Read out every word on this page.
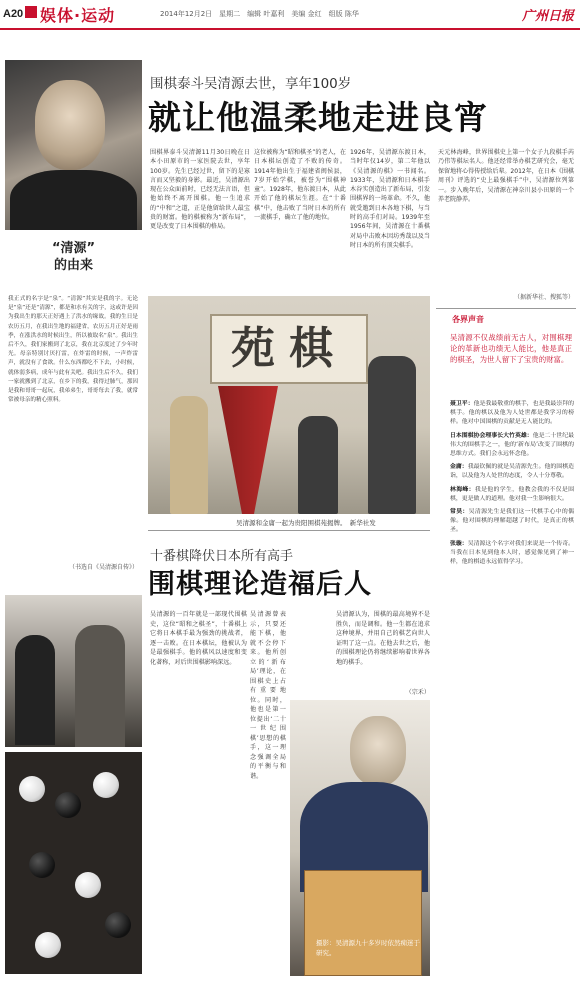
A20 娱体·运动	2014年12月2日　星期二　编辑 叶嘉利　美编 金红　组版 陈华	广州日报
“清源”
的由来
我正式的名字是“泉”。“清源”其实是我的字。无论是“泉”还是“清源”，都是和水有关的字，这或许是因为我出生的那天正好遇上了洪水的缘故。我的生日是农历五月，在我出生地的福建省，农历五月正好是雨季，在涨洪水的时候出生，所以被取名“泉”。我出生后不久，我们家搬到了北京，我在北京度过了少年时光。母亲特别讨厌打雷，在炸雷的时候，一声炸雷声，就没有了食欲。什么东西都吃不下去，小时候，就体弱多病，成年与此有关吧。我出生后不久，我们一家就搬到了北京，在乡下的我，我得过肺气，那因是我和哥哥一起玩，我弟弟生，哥哥每去了我，就常常被母亲的精心照料。
（书选自《吴清源自传》）
围棋泰斗吴清源去世，享年100岁
就让他温柔地走进良宵
围棋界泰斗吴清源11月30日晚在日本小田原市的一家医院去世，享年100岁。先生已经过世，留下的是寡言而又坚毅的身影。最近，吴清源出现在公众面前时，已经无法言语，但他始终不离开围棋。他一生追求的“中和”之道，正是他留给世人最宝贵的财富。他的棋被称为“新布局”，更是改变了日本围棋的格局。
这位被称为“昭和棋圣”的老人，在日本棋坛创造了不败的传奇。1914年他出生于福建省闽侯县，7岁开始学棋，被誉为“围棋神童”。1928年，他东渡日本，从此开始了他的棋坛生涯。在“十番棋”中，他击败了当时日本的所有一流棋手，确立了他的地位。
1926年，吴清源东渡日本，当时年仅14岁，第二年他以《吴清源的棋》一书闻名。1933年，吴清源和日本棋手木谷实创造出了新布局，引发围棋界的一场革命。不久，他就受邀到日本各地下棋，与当时的高手们对局。1939年至1956年间，吴清源在十番棋对局中击败本因坊秀哉以及当时日本的所有顶尖棋手。
苑棋
吴清源和金庸一起为贵阳围棋苑揭牌。　新华社发
十番棋降伏日本所有高手
围棋理论造福后人
吴清源的一百年就是一部现代围棋史，这位“昭和之棋圣”，十番棋上它将日本棋手最为强劲的挑战者，逐一击败。在日本棋坛，他被认为是最强棋手。他的棋风以速度和变化著称，对后世围棋影响深远。
吴清源曾表示，只要还能下棋，他就不会停下来。他所创立的‘新布局’理论，在围棋史上占有重要地位。同时，他也是第一位提出‘二十一世纪围棋’思想的棋手，这一理念强调全局的平衡与和谐。
吴清源认为，围棋的最高境界不是胜负，而是调和。他一生都在追求这种境界，并用自己的棋艺向世人证明了这一点。在他去世之后，他的围棋理论仍将继续影响着世界各地的棋手。
（宗禾）
摄影：吴清源九十多岁时依然痴迷于研究。
天元林海峰，世界围棋史上第一个女子九段棋手芮乃伟等棋坛名人。他还经常举办棋艺研究会，毫无保留地将心得传授给后辈。2012年，在日本《围棋周刊》评选的“史上最强棋手”中，吴清源位列第一。步入晚年后，吴清源在神奈川县小田原的一个养老院静养。
（据新华社、搜狐等）
各界声音
吴清源不仅战绩前无古人，对围棋理论的革新也功绩无人能比，他是真正的棋圣，为世人留下了宝贵的财富。
聂卫平：他是我最敬重的棋手，也是我最崇拜的棋手。他的棋以及他为人处世都是我学习的榜样。他对中国围棋的贡献是无人能比的。
日本围棋协会理事长大竹英雄：他是二十世纪最伟大的围棋手之一，他的‘新布局’改变了围棋的思维方式。我们会永远怀念他。
金庸：我最钦佩的就是吴清源先生。他的围棋造诣，以及他为人处世的态度，令人十分尊敬。
林海峰：我是他的学生，他教会我的不仅是围棋，更是做人的道理。他对我一生影响很大。
常昊：吴清源先生是我们这一代棋手心中的偶像。他对围棋的理解超越了时代，是真正的棋圣。
张璇：吴清源这个名字对我们来说是一个传奇。当我在日本见到他本人时，感觉像见到了神一样，他的棋道永远值得学习。
